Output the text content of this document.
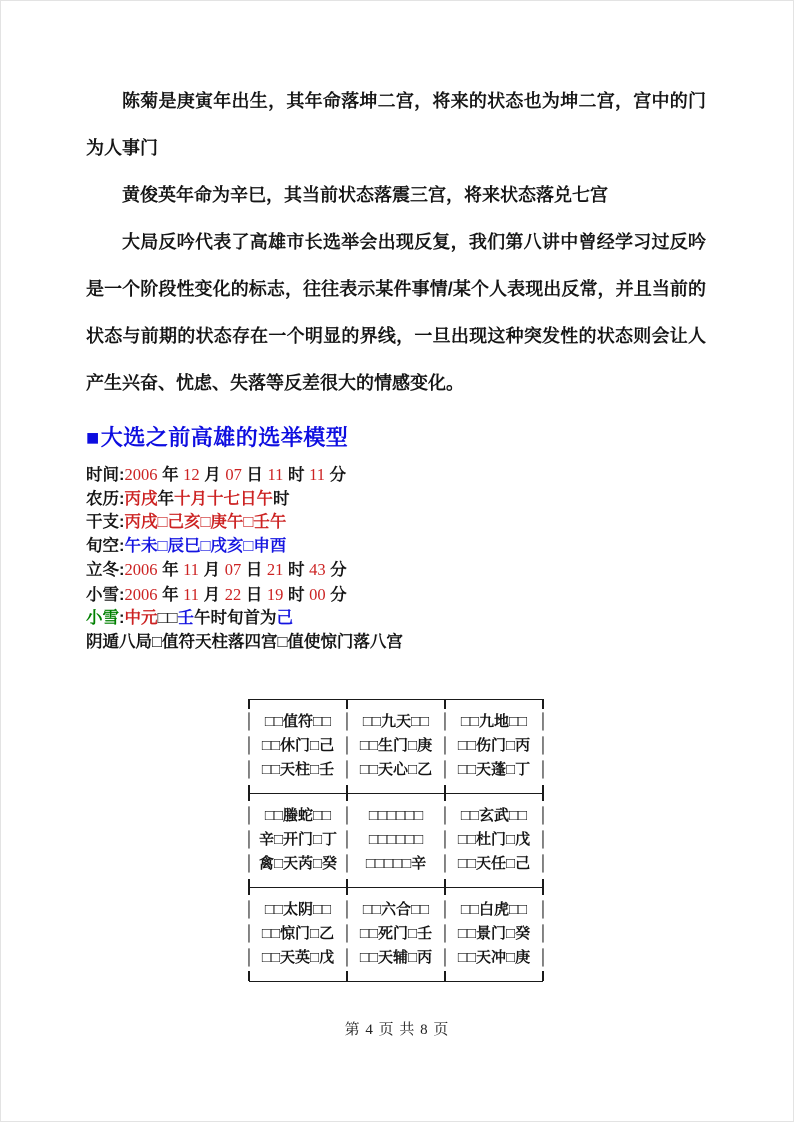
陈菊是庚寅年出生，其年命落坤二宫，将来的状态也为坤二宫，宫中的门为人事门

黄俊英年命为辛巳，其当前状态落震三宫，将来状态落兑七宫

大局反吟代表了高雄市长选举会出现反复，我们第八讲中曾经学习过反吟是一个阶段性变化的标志，往往表示某件事情/某个人表现出反常，并且当前的状态与前期的状态存在一个明显的界线，一旦出现这种突发性的状态则会让人产生兴奋、忧虑、失落等反差很大的情感变化。

■大选之前高雄的选举模型
时间:2006 年 12 月 07 日 11 时 11 分
农历:丙戌年十月十七日午时
干支:丙戌□己亥□庚午□壬午
旬空:午未□辰巳□戌亥□申酉
立冬:2006 年 11 月 07 日 21 时 43 分
小雪:2006 年 11 月 22 日 19 时 00 分
小雪:中元□□壬午时旬首为己
阴遁八局□值符天柱落四宫□值使惊门落八宫
│ □□值符□□ │ □□九天□□ │ □□九地□□ │
│ □□休门□己 │ □□生门□庚 │ □□伤门□丙 │
│ □□天柱□壬 │ □□天心□乙 │ □□天蓬□丁 │
│ □□螣蛇□□ │	□□□□□□	│ □□玄武□□ │
│ 辛□开门□丁 │	□□□□□□	│ □□杜门□戊 │
│ 禽□天芮□癸 │ □□□□□辛 │ □□天任□己 │
│ □□太阴□□ │ □□六合□□ │ □□白虎□□ │
│ □□惊门□乙 │ □□死门□壬 │ □□景门□癸 │
│ □□天英□戊 │ □□天辅□丙 │ □□天冲□庚 │
第 4 页 共 8 页
